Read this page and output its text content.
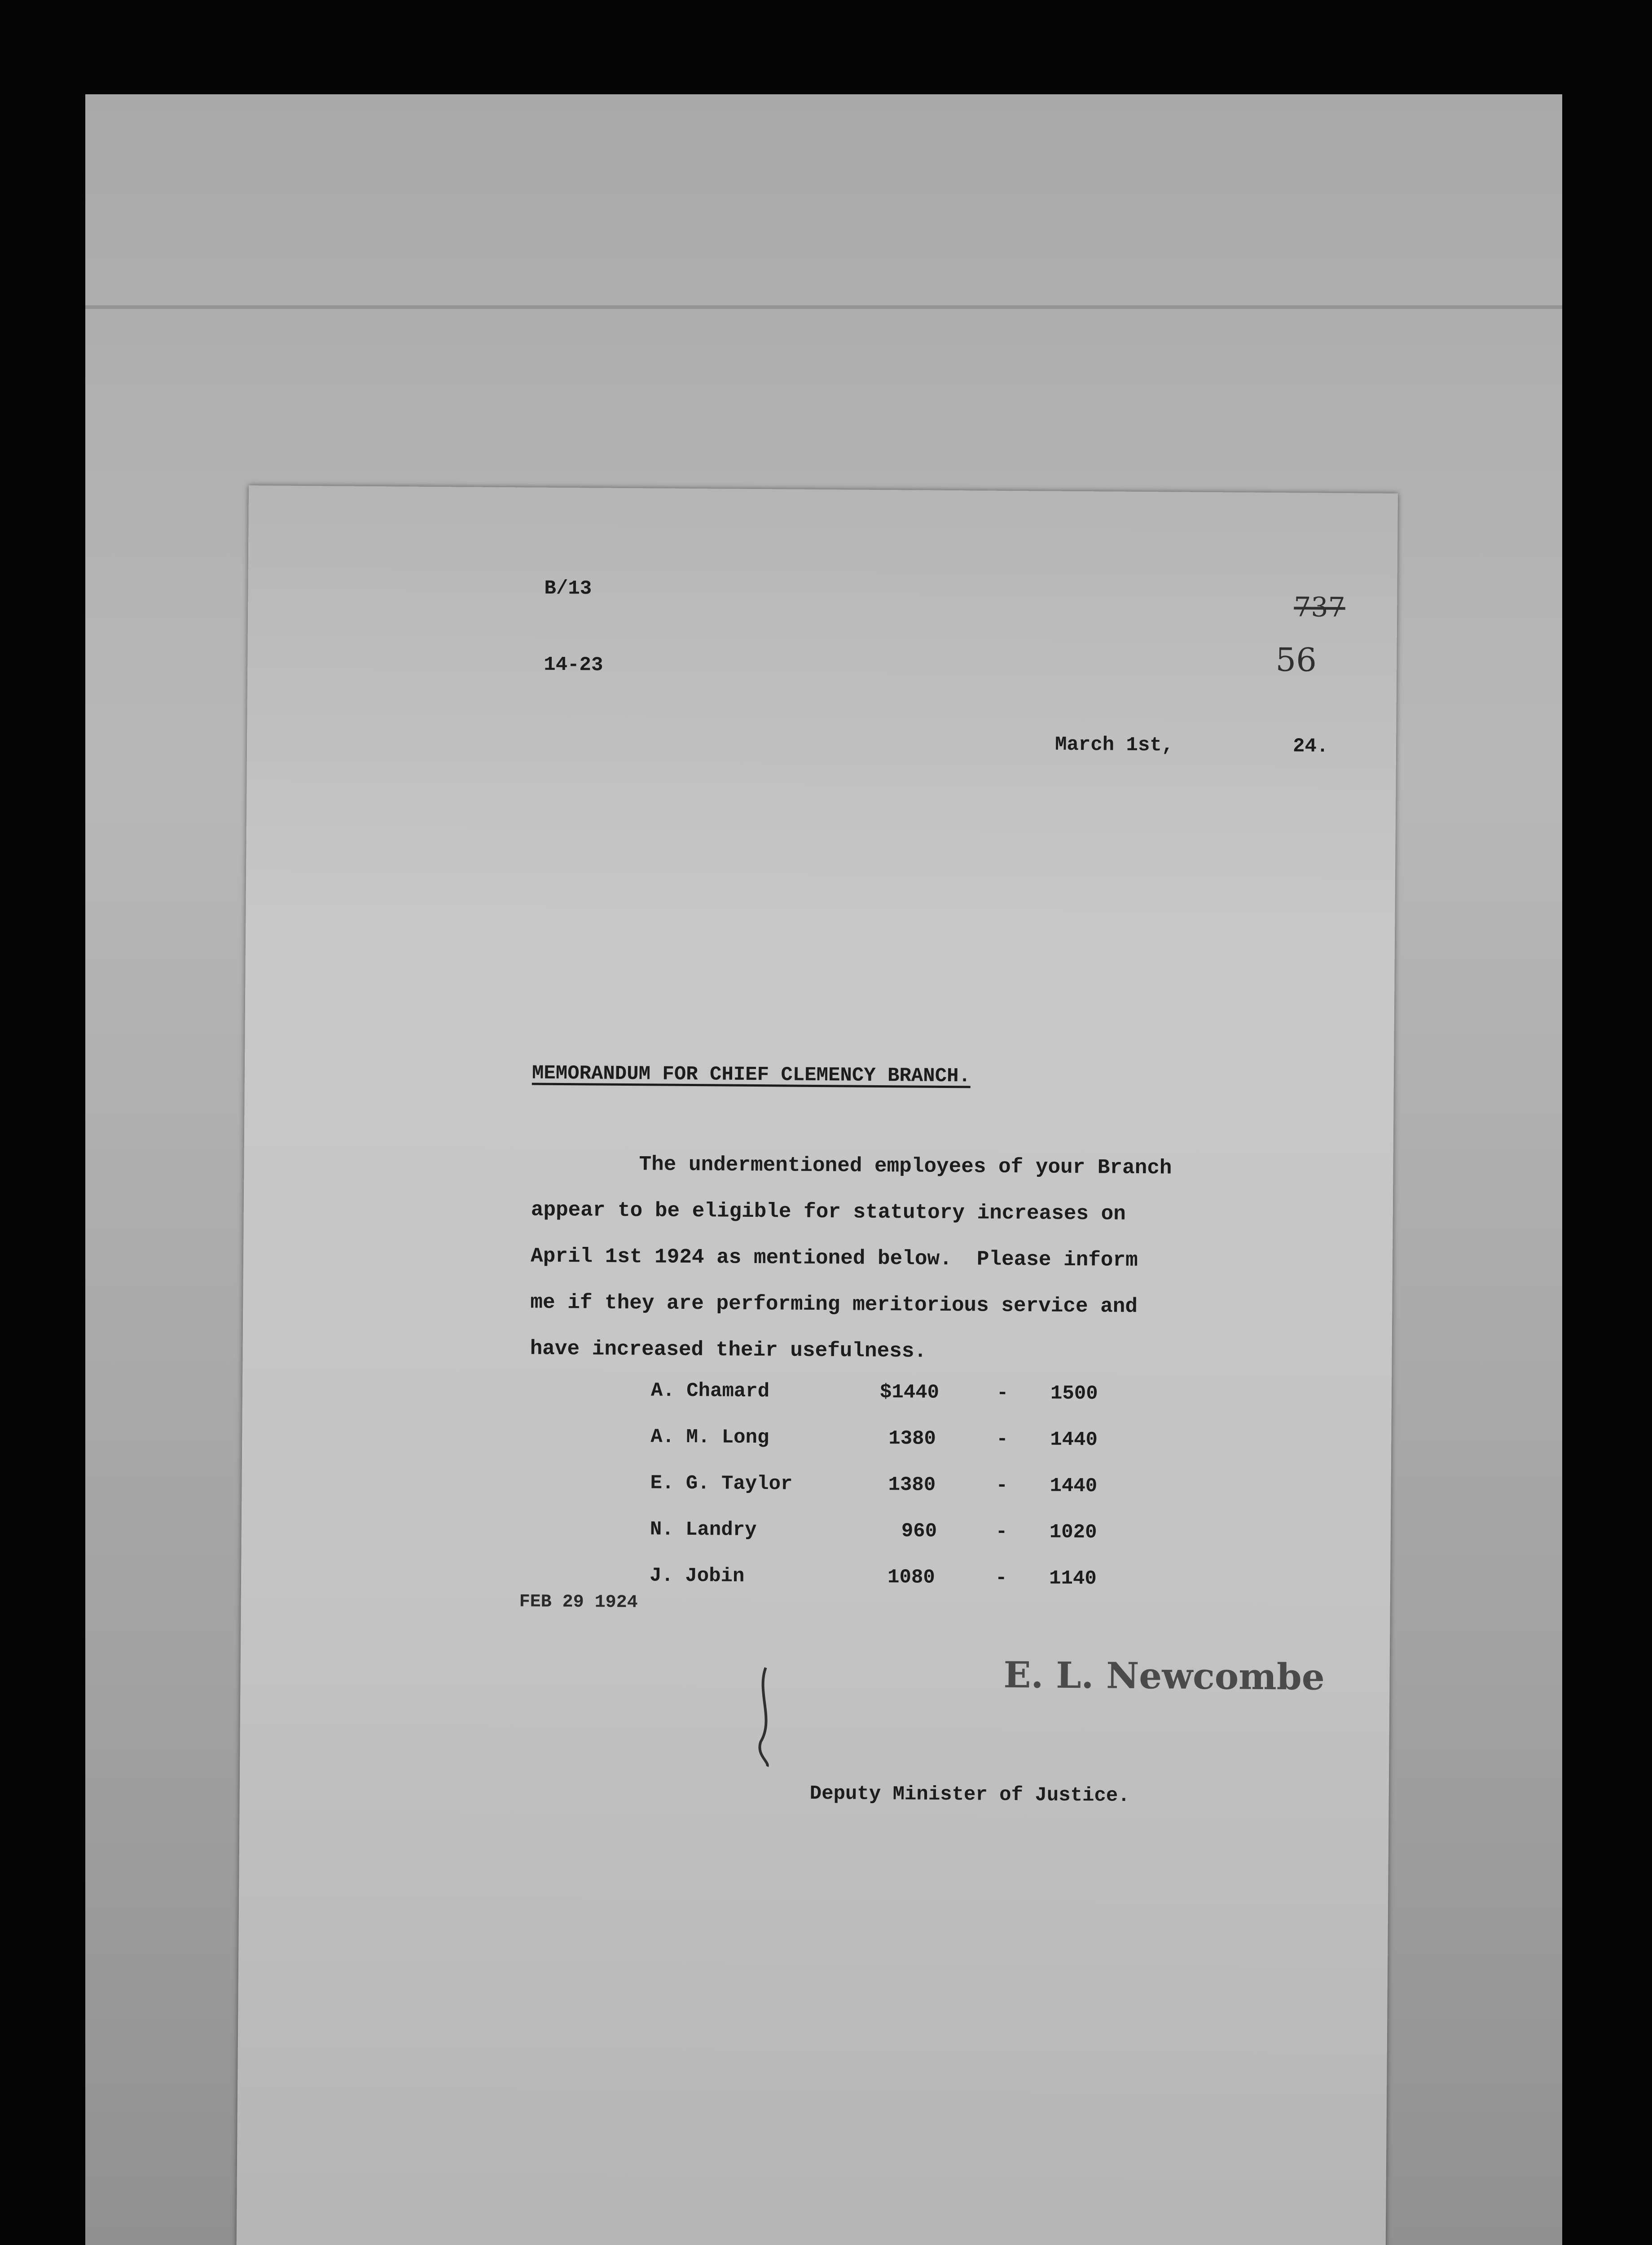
B/13
14-23
737
56
March 1st,	24.
MEMORANDUM FOR CHIEF CLEMENCY BRANCH.
The undermentioned employees of your Branch
appear to be eligible for statutory increases on
April 1st 1924 as mentioned below.  Please inform
me if they are performing meritorious service and
have increased their usefulness.
A. Chamard	$1440	- 1500
A. M. Long	1380	- 1440
E. G. Taylor	1380	- 1440
N. Landry	960	- 1020
J. Jobin	1080	- 1140
FEB 29 1924
E. L. Newcombe
Deputy Minister of Justice.
